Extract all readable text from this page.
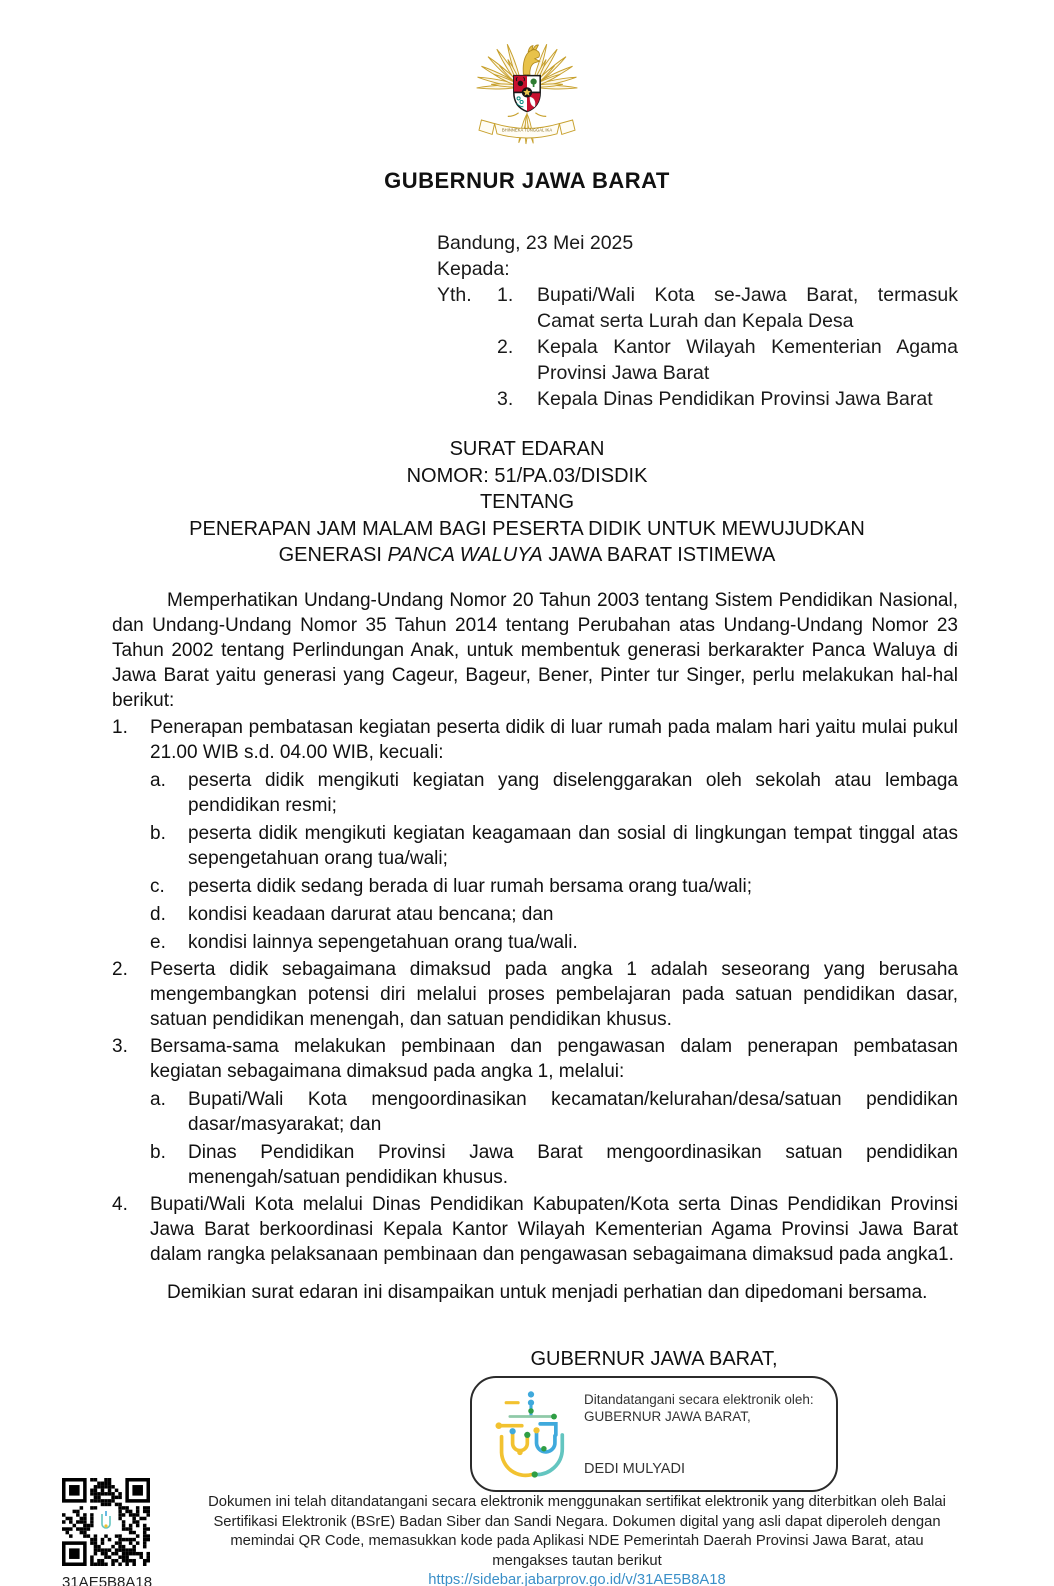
BHINNEKA TUNGGAL IKA
GUBERNUR JAWA BARAT
Bandung, 23 Mei 2025
Kepada:
Yth.	1.	Bupati/Wali Kota se-Jawa Barat, termasuk Camat serta Lurah dan Kepala Desa
2.	Kepala Kantor Wilayah Kementerian Agama Provinsi Jawa Barat
3.	Kepala Dinas Pendidikan Provinsi Jawa Barat
SURAT EDARAN
NOMOR: 51/PA.03/DISDIK
TENTANG
PENERAPAN JAM MALAM BAGI PESERTA DIDIK UNTUK MEWUJUDKAN
GENERASI PANCA WALUYA JAWA BARAT ISTIMEWA

Memperhatikan Undang-Undang Nomor 20 Tahun 2003 tentang Sistem Pendidikan Nasional, dan Undang-Undang Nomor 35 Tahun 2014 tentang Perubahan atas Undang-Undang Nomor 23 Tahun 2002 tentang Perlindungan Anak, untuk membentuk generasi berkarakter Panca Waluya di Jawa Barat yaitu generasi yang Cageur, Bageur, Bener, Pinter tur Singer, perlu melakukan hal-hal berikut:

1.	Penerapan pembatasan kegiatan peserta didik di luar rumah pada malam hari yaitu mulai pukul 21.00 WIB s.d. 04.00 WIB, kecuali:
a.	peserta didik mengikuti kegiatan yang diselenggarakan oleh sekolah atau lembaga pendidikan resmi;
b.	peserta didik mengikuti kegiatan keagamaan dan sosial di lingkungan tempat tinggal atas sepengetahuan orang tua/wali;
c.	peserta didik sedang berada di luar rumah bersama orang tua/wali;
d.	kondisi keadaan darurat atau bencana; dan
e.	kondisi lainnya sepengetahuan orang tua/wali.
2.	Peserta didik sebagaimana dimaksud pada angka 1 adalah seseorang yang berusaha mengembangkan potensi diri melalui proses pembelajaran pada satuan pendidikan dasar, satuan pendidikan menengah, dan satuan pendidikan khusus.
3.	Bersama-sama melakukan pembinaan dan pengawasan dalam penerapan pembatasan kegiatan sebagaimana dimaksud pada angka 1, melalui:
a.	Bupati/Wali Kota mengoordinasikan kecamatan/kelurahan/desa/satuan pendidikan dasar/masyarakat; dan
b.	Dinas Pendidikan Provinsi Jawa Barat mengoordinasikan satuan pendidikan menengah/satuan pendidikan khusus.
4.	Bupati/Wali Kota melalui Dinas Pendidikan Kabupaten/Kota serta Dinas Pendidikan Provinsi Jawa Barat berkoordinasi Kepala Kantor Wilayah Kementerian Agama Provinsi Jawa Barat dalam rangka pelaksanaan pembinaan dan pengawasan sebagaimana dimaksud pada angka1.

Demikian surat edaran ini disampaikan untuk menjadi perhatian dan dipedomani bersama.

GUBERNUR JAWA BARAT,
Ditandatangani secara elektronik oleh:
GUBERNUR JAWA BARAT,
DEDI MULYADI
31AE5B8A18
Dokumen ini telah ditandatangani secara elektronik menggunakan sertifikat elektronik yang diterbitkan oleh Balai Sertifikasi Elektronik (BSrE) Badan Siber dan Sandi Negara. Dokumen digital yang asli dapat diperoleh dengan memindai QR Code, memasukkan kode pada Aplikasi NDE Pemerintah Daerah Provinsi Jawa Barat, atau mengakses tautan berikut
https://sidebar.jabarprov.go.id/v/31AE5B8A18
